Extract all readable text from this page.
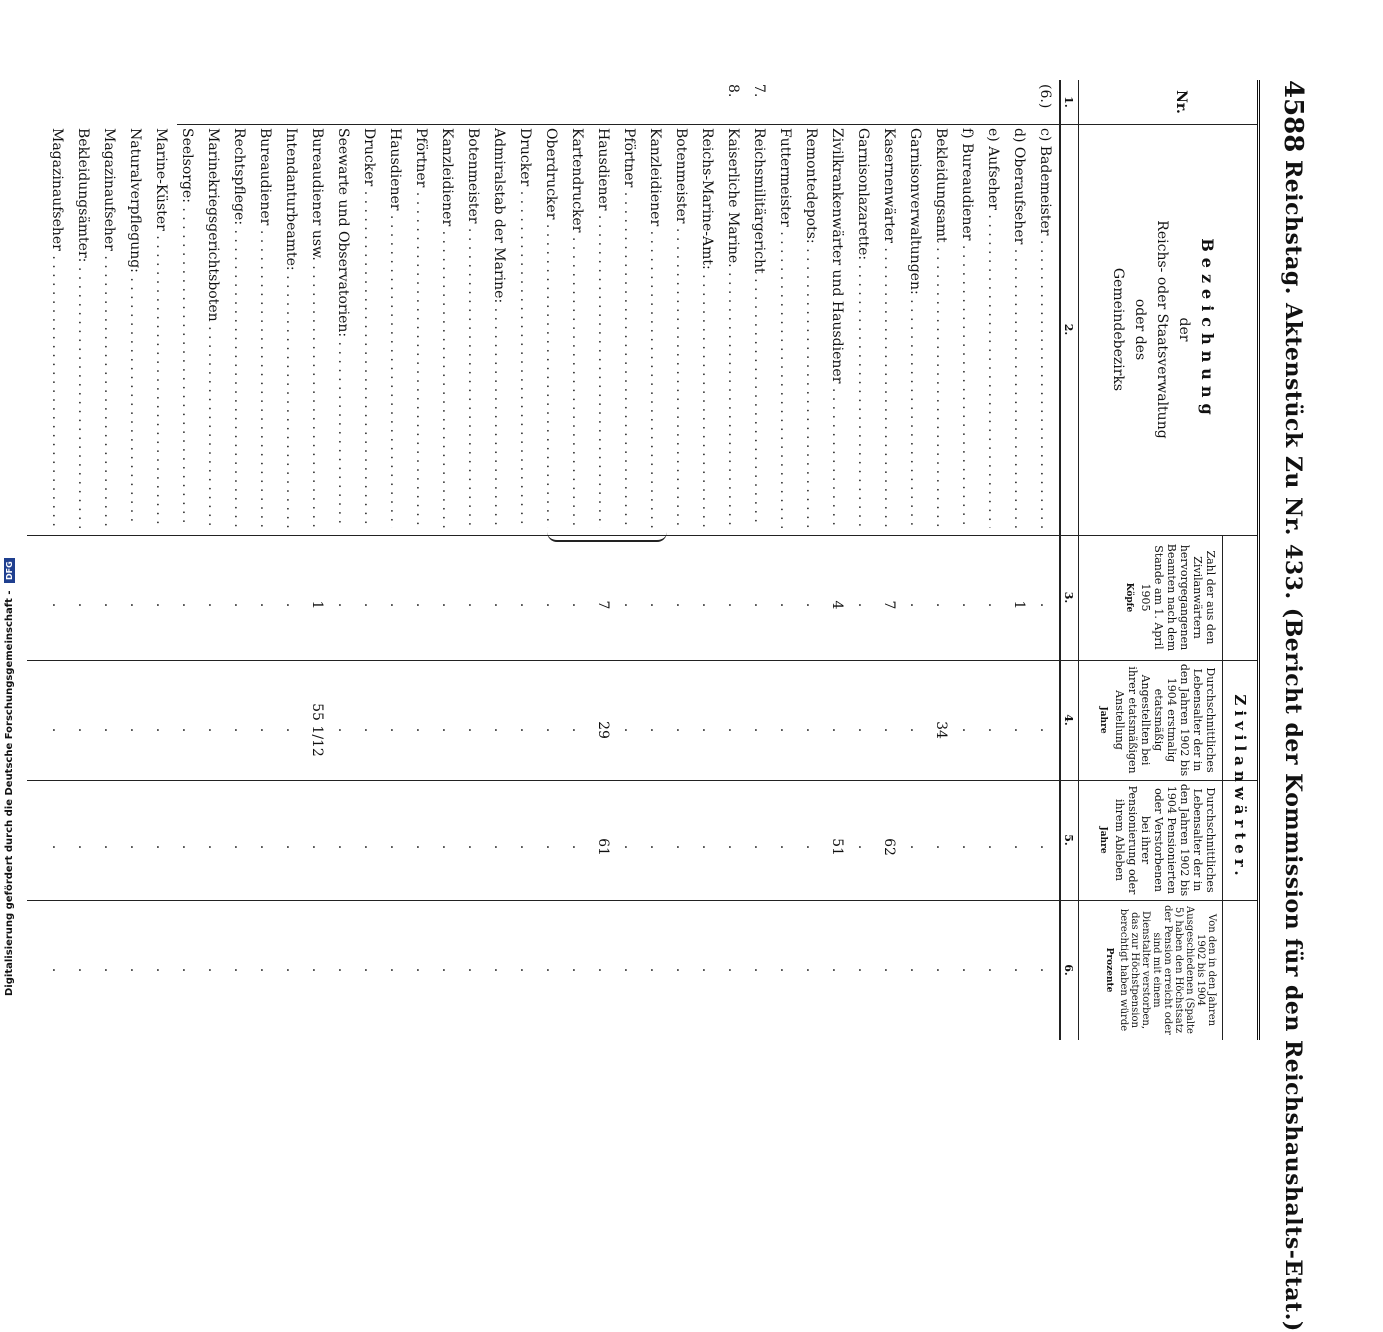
4588
Reichstag. Aktenstück Zu Nr. 433. (Bericht der Kommission für den Reichshaushalts-Etat.)
Nr.
Bezeichnung
der
Reichs- oder Staatsverwaltung
oder des
Gemeindebezirks
Zivilanwärter.
Zahl der aus den Zivilanwärtern hervorgegangenen Beamten nach dem Stande am 1. April 1905
Köpfe
Durchschnittliches Lebensalter der in den Jahren 1902 bis 1904 erstmalig etatsmäßig Angestellten bei ihrer etatsmäßigen Anstellung
Jahre
Durchschnittliches Lebensalter der in den Jahren 1902 bis 1904 Pensionierten oder Verstorbenen bei ihrer Pensionierung oder ihrem Ableben
Jahre
Von den in den Jahren 1902 bis 1904 Ausgeschiedenen (Spalte 5) haben den Höchstsatz der Pension erreicht oder sind mit einem Dienstalter verstorben, das zur Höchstpension berechtigt haben würde
Prozente
1.
2.
3.
4.
5.
6.
(6.)
c) Bademeister . . .
.
.
.
.
d) Oberaufseher . . .
1
.
.
.
e) Aufseher . . .
.
.
.
.
f) Bureaudiener . . .
.
.
.
.
Bekleidungsamt . . .
.
34
.
.
Garnisonverwaltungen: . . .
.
.
.
.
Kasernenwärter . . .
7
.
62
.
Garnisonlazarette: . . .
.
.
.
.
Zivilkrankenwärter und Hausdiener . . .
4
.
51
.
Remontedepots: . . .
.
.
.
.
Futtermeister . . .
.
.
.
.
7.
Reichsmilitärgericht . . .
.
.
.
.
8.
Kaiserliche Marine. . . .
.
.
.
.
Reichs-Marine-Amt: . . .
.
.
.
.
Botenmeister . . .
.
.
.
.
Kanzleidiener . . .
.
.
.
.
Pförtner . . .
.
.
.
.
Hausdiener . . .
7
29
61
.
Kartendrucker . . .
.
.
.
.
Oberdrucker . . .
.
.
.
.
Drucker . . .
.
.
.
.
Admiralstab der Marine: . . .
.
.
.
.
Botenmeister . . .
.
.
.
.
Kanzleidiener . . .
.
.
.
.
Pförtner . . .
.
.
.
.
Hausdiener . . .
.
.
.
.
Drucker . . .
.
.
.
.
Seewarte und Observatorien: . . .
.
.
.
.
Bureaudiener usw. . . .
1
55 1/12
.
.
Intendanturbeamte: . . .
.
.
.
.
Bureaudiener . . .
.
.
.
.
Rechtspflege: . . .
.
.
.
.
Marinekriegsgerichtsboten . . .
.
.
.
.
Seelsorge: . . .
.
.
.
.
Marine-Küster . . .
.
.
.
.
Naturalverpflegung: . . .
.
.
.
.
Magazinaufseher . . .
.
.
.
.
Bekleidungsämter: . . .
.
.
.
.
Magazinaufseher . . .
.
.
.
.
Digitalisierung gefördert durch die Deutsche Forschungsgemeinschaft - DFG
